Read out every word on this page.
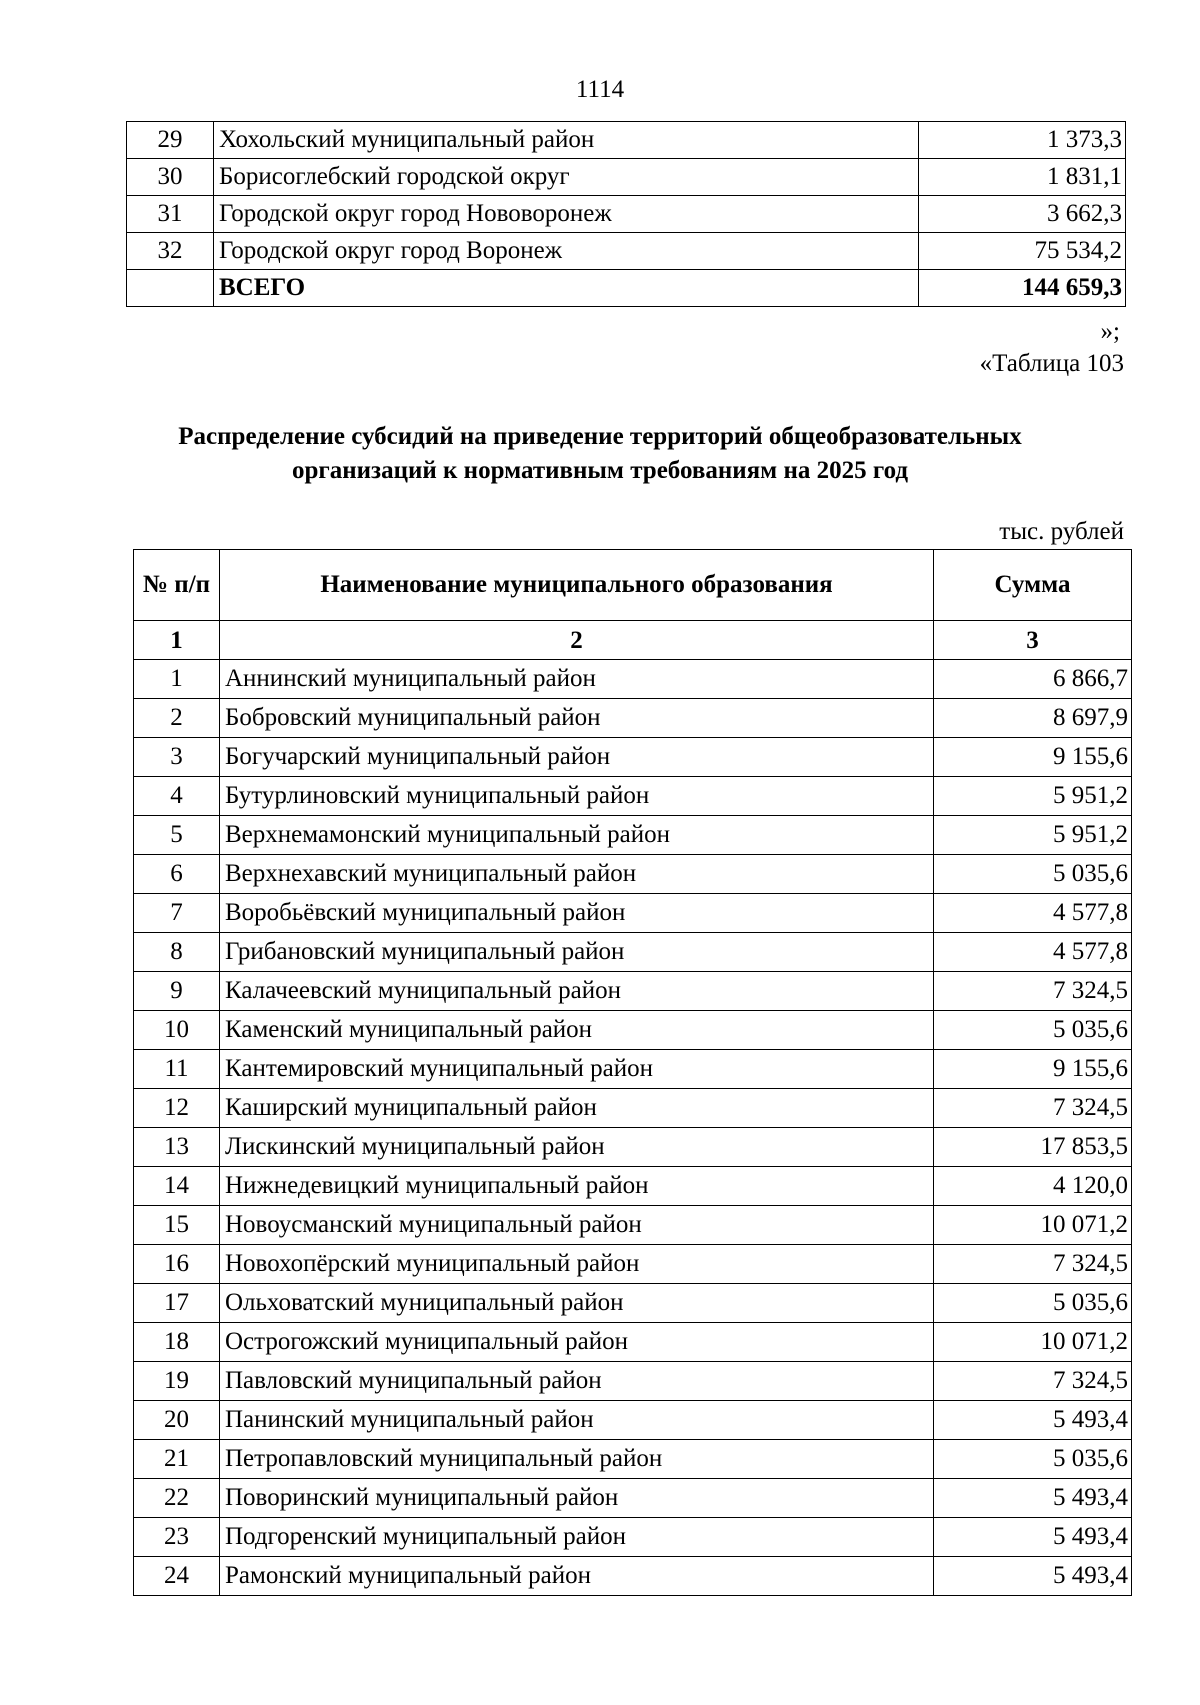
1114
29	Хохольский муниципальный район	1 373,3
30	Борисоглебский городской округ	1 831,1
31	Городской округ город Нововоронеж	3 662,3
32	Городской округ город Воронеж	75 534,2
	ВСЕГО	144 659,3
»;
«Таблица 103
Распределение субсидий на приведение территорий общеобразовательных
организаций к нормативным требованиям на 2025 год
тыс. рублей
№ п/п	Наименование муниципального образования	Сумма
1	2	3
1	Аннинский муниципальный район	6 866,7
2	Бобровский муниципальный район	8 697,9
3	Богучарский муниципальный район	9 155,6
4	Бутурлиновский муниципальный район	5 951,2
5	Верхнемамонский муниципальный район	5 951,2
6	Верхнехавский муниципальный район	5 035,6
7	Воробьёвский муниципальный район	4 577,8
8	Грибановский муниципальный район	4 577,8
9	Калачеевский муниципальный район	7 324,5
10	Каменский муниципальный район	5 035,6
11	Кантемировский муниципальный район	9 155,6
12	Каширский муниципальный район	7 324,5
13	Лискинский муниципальный район	17 853,5
14	Нижнедевицкий муниципальный район	4 120,0
15	Новоусманский муниципальный район	10 071,2
16	Новохопёрский муниципальный район	7 324,5
17	Ольховатский муниципальный район	5 035,6
18	Острогожский муниципальный район	10 071,2
19	Павловский муниципальный район	7 324,5
20	Панинский муниципальный район	5 493,4
21	Петропавловский муниципальный район	5 035,6
22	Поворинский муниципальный район	5 493,4
23	Подгоренский муниципальный район	5 493,4
24	Рамонский муниципальный район	5 493,4
